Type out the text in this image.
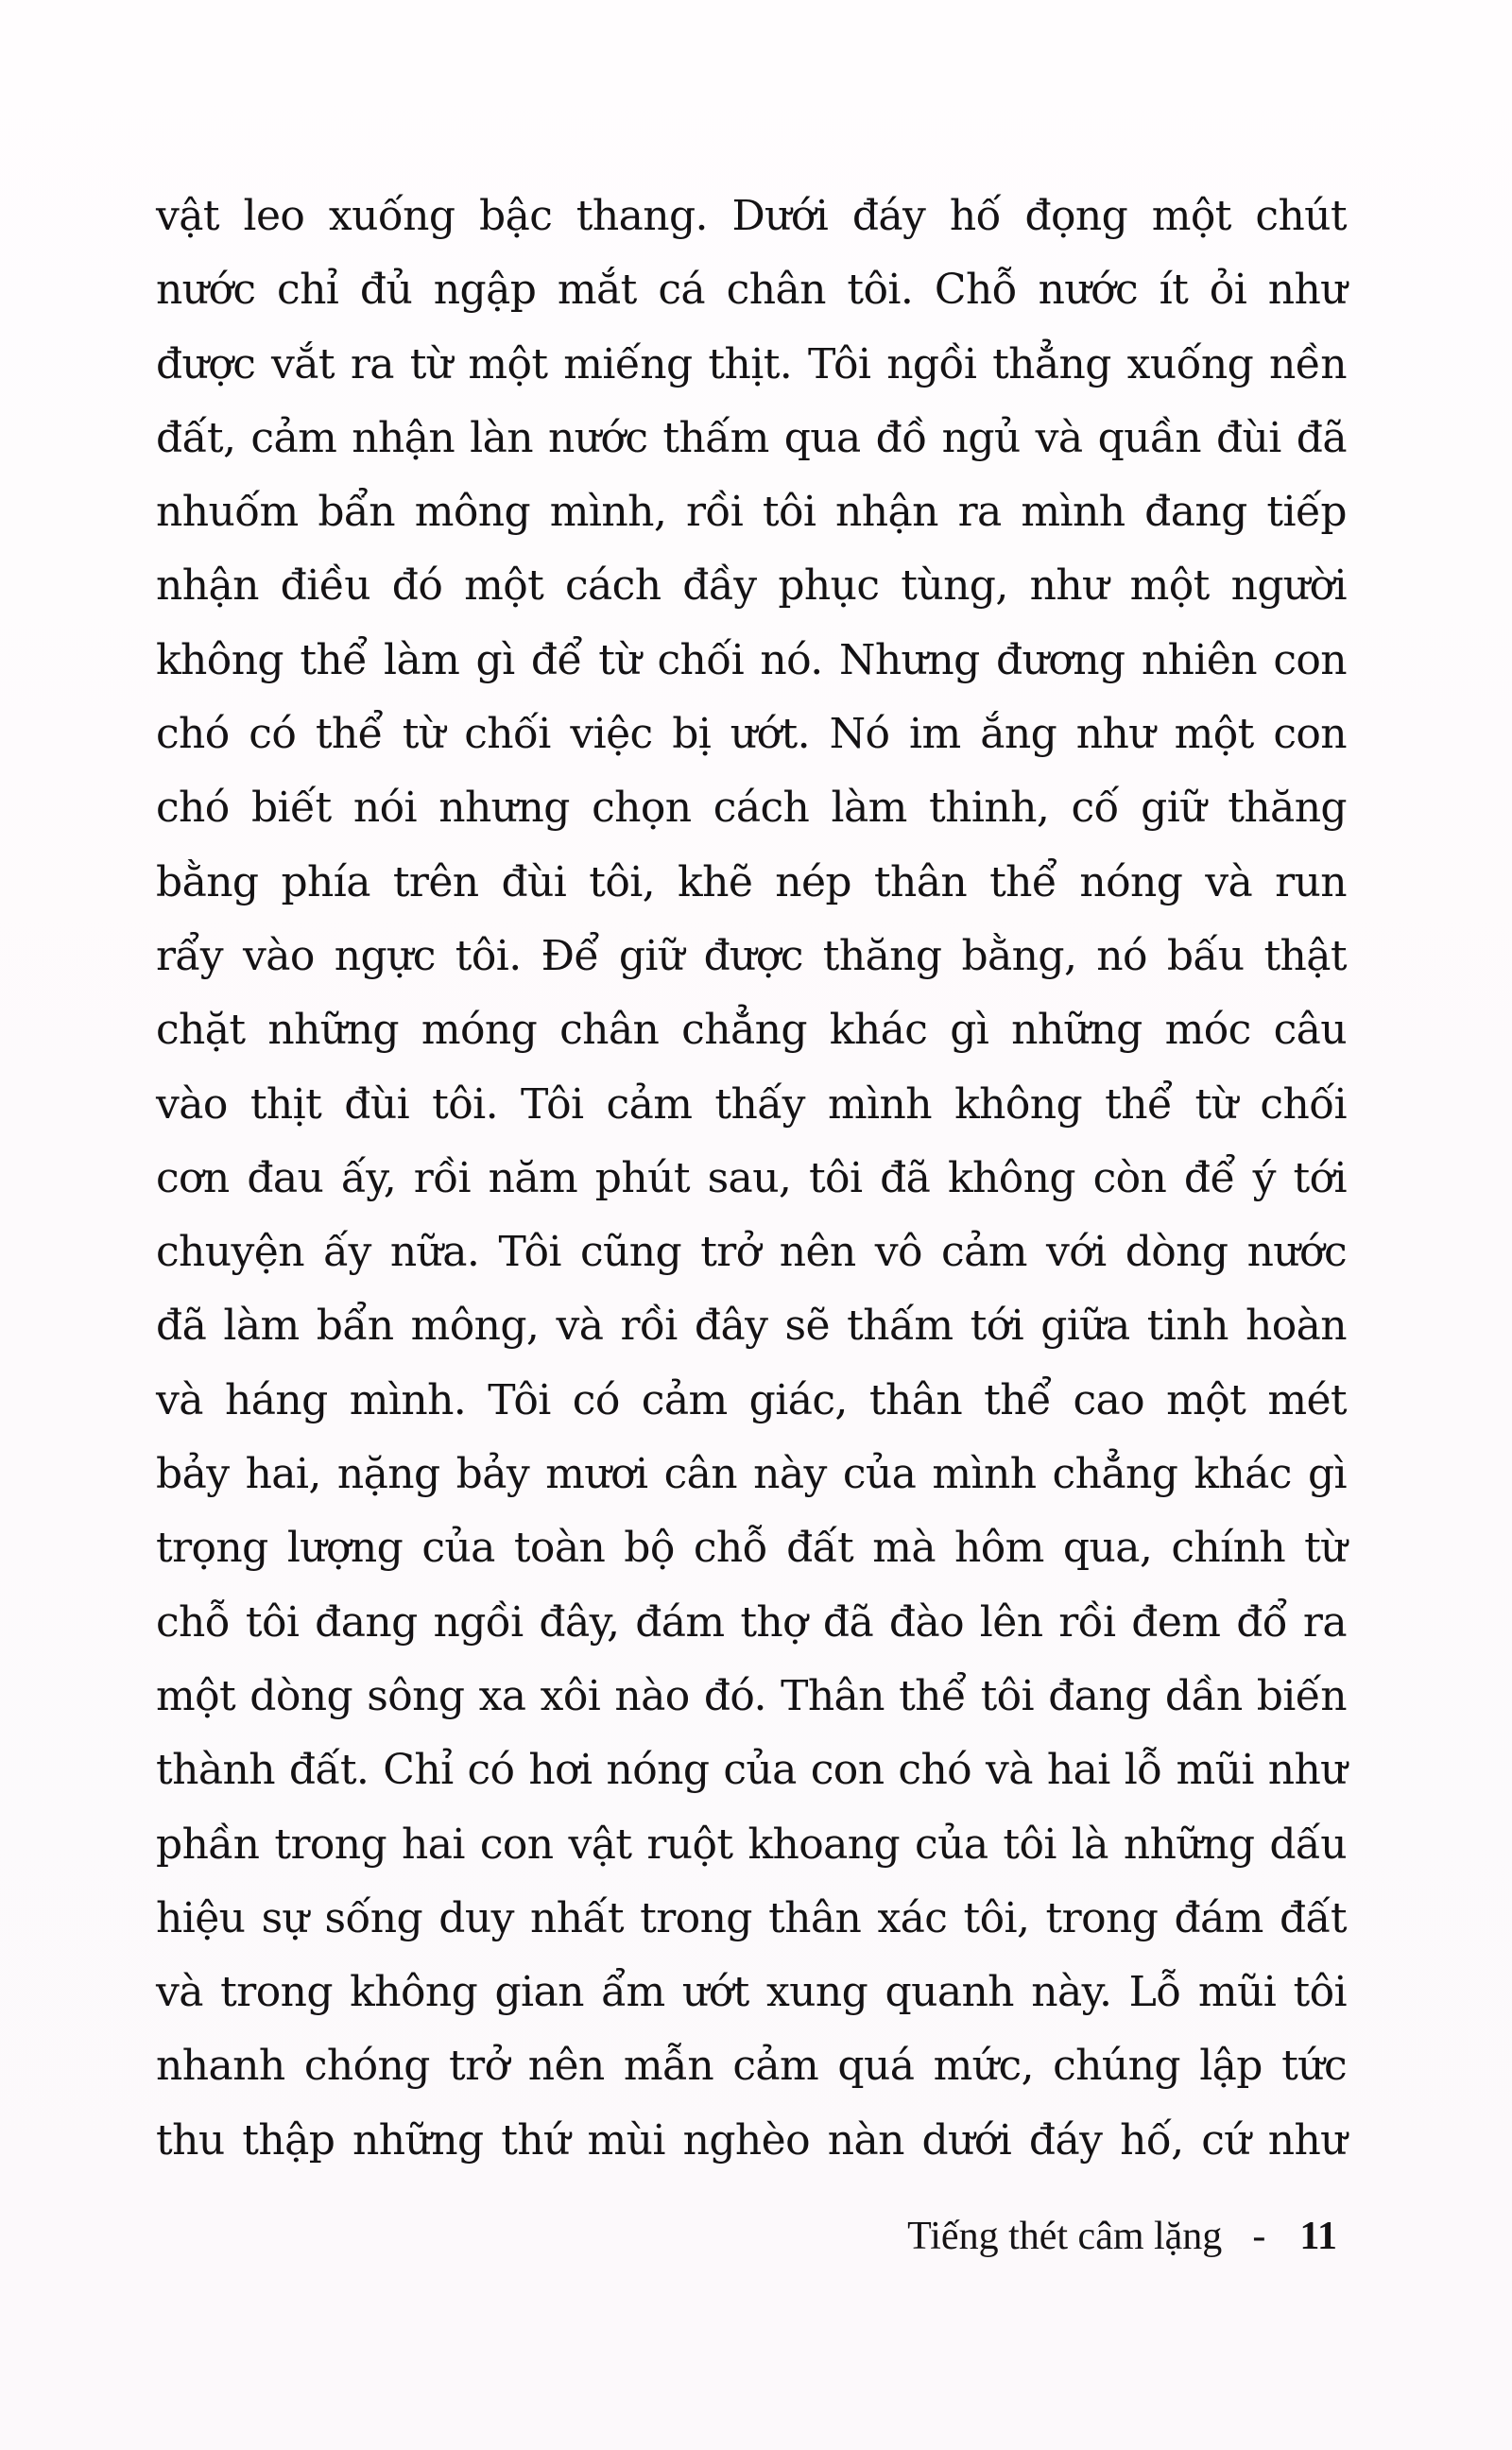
vật leo xuống bậc thang. Dưới đáy hố đọng một chút
nước chỉ đủ ngập mắt cá chân tôi. Chỗ nước ít ỏi như
được vắt ra từ một miếng thịt. Tôi ngồi thẳng xuống nền
đất, cảm nhận làn nước thấm qua đồ ngủ và quần đùi đã
nhuốm bẩn mông mình, rồi tôi nhận ra mình đang tiếp
nhận điều đó một cách đầy phục tùng, như một người
không thể làm gì để từ chối nó. Nhưng đương nhiên con
chó có thể từ chối việc bị ướt. Nó im ắng như một con
chó biết nói nhưng chọn cách làm thinh, cố giữ thăng
bằng phía trên đùi tôi, khẽ nép thân thể nóng và run
rẩy vào ngực tôi. Để giữ được thăng bằng, nó bấu thật
chặt những móng chân chẳng khác gì những móc câu
vào thịt đùi tôi. Tôi cảm thấy mình không thể từ chối
cơn đau ấy, rồi năm phút sau, tôi đã không còn để ý tới
chuyện ấy nữa. Tôi cũng trở nên vô cảm với dòng nước
đã làm bẩn mông, và rồi đây sẽ thấm tới giữa tinh hoàn
và háng mình. Tôi có cảm giác, thân thể cao một mét
bảy hai, nặng bảy mươi cân này của mình chẳng khác gì
trọng lượng của toàn bộ chỗ đất mà hôm qua, chính từ
chỗ tôi đang ngồi đây, đám thợ đã đào lên rồi đem đổ ra
một dòng sông xa xôi nào đó. Thân thể tôi đang dần biến
thành đất. Chỉ có hơi nóng của con chó và hai lỗ mũi như
phần trong hai con vật ruột khoang của tôi là những dấu
hiệu sự sống duy nhất trong thân xác tôi, trong đám đất
và trong không gian ẩm ướt xung quanh này. Lỗ mũi tôi
nhanh chóng trở nên mẫn cảm quá mức, chúng lập tức
thu thập những thứ mùi nghèo nàn dưới đáy hố, cứ như
Tiếng thét câm lặng - 11
